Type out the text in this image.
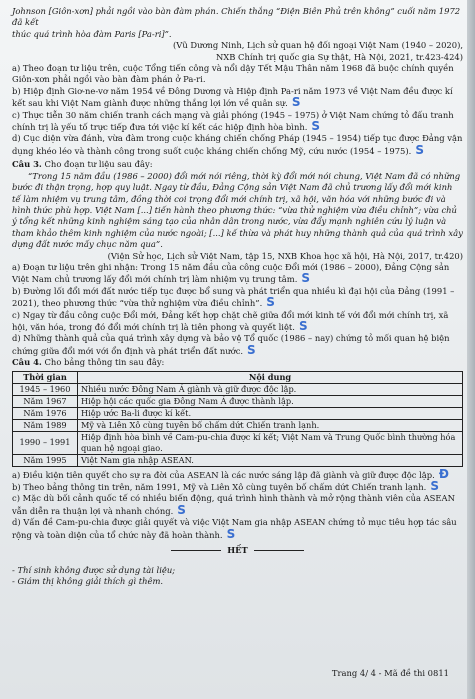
Johnson [Giôn-xơn] phải ngồi vào bàn đàm phán. Chiến thắng “Điện Biên Phủ trên không” cuối năm 1972 đã kết

thúc quá trình hòa đàm Paris [Pa-ri]”.

(Vũ Dương Ninh, Lịch sử quan hệ đối ngoại Việt Nam (1940 – 2020),

NXB Chính trị quốc gia Sự thật, Hà Nội, 2021, tr.423-424)

a) Theo đoạn tư liệu trên, cuộc Tổng tiến công và nổi dậy Tết Mậu Thân năm 1968 đã buộc chính quyền Giôn-xơn phải ngồi vào bàn đàm phán ở Pa-ri.

b) Hiệp định Giơ-ne-vơ năm 1954 về Đông Dương và Hiệp định Pa-ri năm 1973 về Việt Nam đều được kí kết sau khi Việt Nam giành được những thắng lợi lớn về quân sự. S

c) Thực tiễn 30 năm chiến tranh cách mạng và giải phóng (1945 – 1975) ở Việt Nam chứng tỏ đấu tranh chính trị là yếu tố trực tiếp đưa tới việc kí kết các hiệp định hòa bình. S

d) Cục diện vừa đánh, vừa đàm trong cuộc kháng chiến chống Pháp (1945 – 1954) tiếp tục được Đảng vận dụng khéo léo và thành công trong suốt cuộc kháng chiến chống Mỹ, cứu nước (1954 – 1975). S

Câu 3. Cho đoạn tư liệu sau đây:

“Trong 15 năm đầu (1986 – 2000) đổi mới nói riêng, thời kỳ đổi mới nói chung, Việt Nam đã có những bước đi thận trọng, hợp quy luật. Ngay từ đầu, Đảng Cộng sản Việt Nam đã chủ trương lấy đổi mới kinh tế làm nhiệm vụ trung tâm, đồng thời coi trọng đổi mới chính trị, xã hội, văn hóa với những bước đi và hình thức phù hợp. Việt Nam [...] tiến hành theo phương thức: “vừa thử nghiệm vừa điều chỉnh”; vừa chủ ý tổng kết những kinh nghiệm sáng tạo của nhân dân trong nước, vừa đẩy mạnh nghiên cứu lý luận và tham khảo thêm kinh nghiệm của nước ngoài; [...] kế thừa và phát huy những thành quả của quá trình xây dựng đất nước mấy chục năm qua”.

(Viện Sử học, Lịch sử Việt Nam, tập 15, NXB Khoa học xã hội, Hà Nội, 2017, tr.420)

a) Đoạn tư liệu trên ghi nhận: Trong 15 năm đầu của công cuộc Đổi mới (1986 – 2000), Đảng Cộng sản Việt Nam chủ trương lấy đổi mới chính trị làm nhiệm vụ trung tâm. S

b) Đường lối đổi mới đất nước tiếp tục được bổ sung và phát triển qua nhiều kì đại hội của Đảng (1991 – 2021), theo phương thức “vừa thử nghiệm vừa điều chỉnh”. S

c) Ngay từ đầu công cuộc Đổi mới, Đảng kết hợp chặt chẽ giữa đổi mới kinh tế với đổi mới chính trị, xã hội, văn hóa, trong đó đổi mới chính trị là tiên phong và quyết liệt. S

d) Những thành quả của quá trình xây dựng và bảo vệ Tổ quốc (1986 – nay) chứng tỏ mối quan hệ biện chứng giữa đổi mới với ổn định và phát triển đất nước. S

Câu 4. Cho bảng thông tin sau đây:

Thời gian	Nội dung
1945 – 1960	Nhiều nước Đông Nam Á giành và giữ được độc lập.
Năm 1967	Hiệp hội các quốc gia Đông Nam Á được thành lập.
Năm 1976	Hiệp ước Ba-li được kí kết.
Năm 1989	Mỹ và Liên Xô cùng tuyên bố chấm dứt Chiến tranh lạnh.
1990 – 1991	Hiệp định hòa bình về Cam-pu-chia được kí kết; Việt Nam và Trung Quốc bình thường hóa quan hệ ngoại giao.
Năm 1995	Việt Nam gia nhập ASEAN.

a) Điều kiện tiên quyết cho sự ra đời của ASEAN là các nước sáng lập đã giành và giữ được độc lập. Đ

b) Theo bảng thông tin trên, năm 1991, Mỹ và Liên Xô cùng tuyên bố chấm dứt Chiến tranh lạnh. S

c) Mặc dù bối cảnh quốc tế có nhiều biến động, quá trình hình thành và mở rộng thành viên của ASEAN vẫn diễn ra thuận lợi và nhanh chóng. S

d) Vấn đề Cam-pu-chia được giải quyết và việc Việt Nam gia nhập ASEAN chứng tỏ mục tiêu hợp tác sâu rộng và toàn diện của tổ chức này đã hoàn thành. S

HẾT

- Thí sinh không được sử dụng tài liệu;

- Giám thị không giải thích gì thêm.

Trang 4/ 4 - Mã đề thi 0811
